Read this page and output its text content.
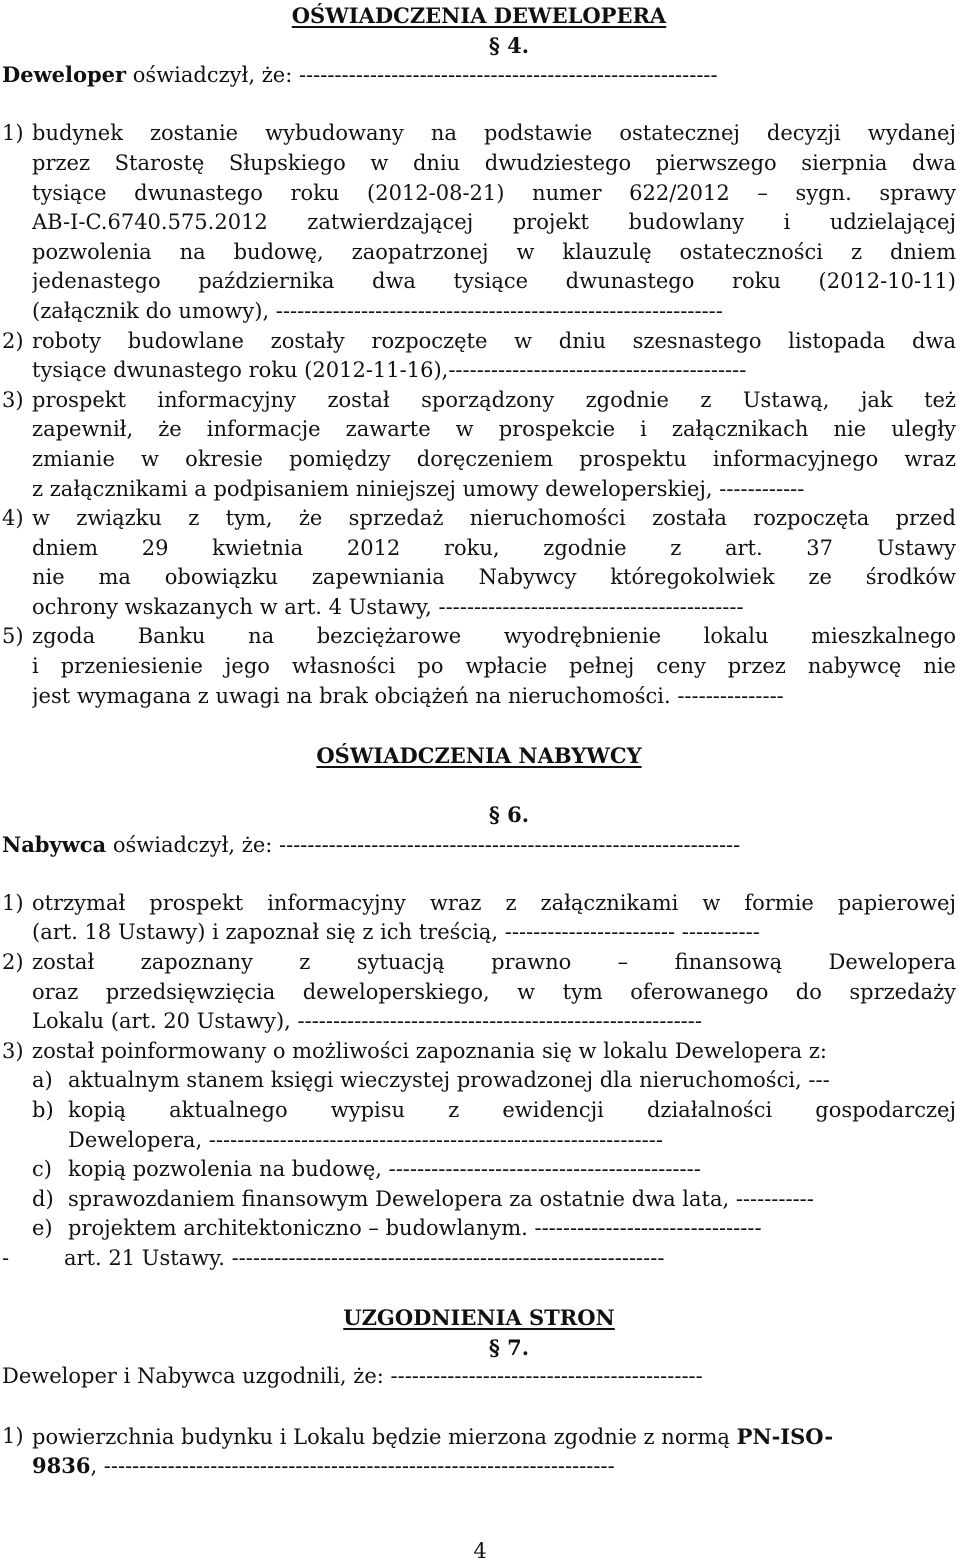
OŚWIADCZENIA DEWELOPERA
§ 4.
Deweloper oświadczył, że: -----------------------------------------------------------
1) budynek zostanie wybudowany na podstawie ostatecznej decyzji wydanej
przez Starostę Słupskiego w dniu dwudziestego pierwszego sierpnia dwa
tysiące dwunastego roku (2012-08-21) numer 622/2012 – sygn. sprawy
AB-I-C.6740.575.2012 zatwierdzającej projekt budowlany i udzielającej
pozwolenia na budowę, zaopatrzonej w klauzulę ostateczności z dniem
jedenastego października dwa tysiące dwunastego roku (2012-10-11)
(załącznik do umowy), ---------------------------------------------------------------
2) roboty budowlane zostały rozpoczęte w dniu szesnastego listopada dwa
tysiące dwunastego roku (2012-11-16),------------------------------------------
3) prospekt informacyjny został sporządzony zgodnie z Ustawą, jak też
zapewnił, że informacje zawarte w prospekcie i załącznikach nie uległy
zmianie w okresie pomiędzy doręczeniem prospektu informacyjnego wraz
z załącznikami a podpisaniem niniejszej umowy deweloperskiej, ------------
4) w związku z tym, że sprzedaż nieruchomości została rozpoczęta przed
dniem 29 kwietnia 2012 roku, zgodnie z art. 37 Ustawy
nie ma obowiązku zapewniania Nabywcy któregokolwiek ze środków
ochrony wskazanych w art. 4 Ustawy, -------------------------------------------
5) zgoda Banku na bezciężarowe wyodrębnienie lokalu mieszkalnego
i przeniesienie jego własności po wpłacie pełnej ceny przez nabywcę nie
jest wymagana z uwagi na brak obciążeń na nieruchomości. ---------------
OŚWIADCZENIA NABYWCY
§ 6.
Nabywca oświadczył, że: -----------------------------------------------------------------
1) otrzymał prospekt informacyjny wraz z załącznikami w formie papierowej
(art. 18 Ustawy) i zapoznał się z ich treścią, ------------------------ -----------
2) został zapoznany z sytuacją prawno – finansową Dewelopera
oraz przedsięwzięcia deweloperskiego, w tym oferowanego do sprzedaży
Lokalu (art. 20 Ustawy), ---------------------------------------------------------
3) został poinformowany o możliwości zapoznania się w lokalu Dewelopera z:
a) aktualnym stanem księgi wieczystej prowadzonej dla nieruchomości, ---
b) kopią aktualnego wypisu z ewidencji działalności gospodarczej
Dewelopera, ----------------------------------------------------------------
c) kopią pozwolenia na budowę, --------------------------------------------
d) sprawozdaniem finansowym Dewelopera za ostatnie dwa lata, -----------
e) projektem architektoniczno – budowlanym. --------------------------------
-	art. 21 Ustawy. -------------------------------------------------------------
UZGODNIENIA STRON
§ 7.
Deweloper i Nabywca uzgodnili, że: --------------------------------------------
1) powierzchnia budynku i Lokalu będzie mierzona zgodnie z normą PN-ISO-
9836, ------------------------------------------------------------------------
4
